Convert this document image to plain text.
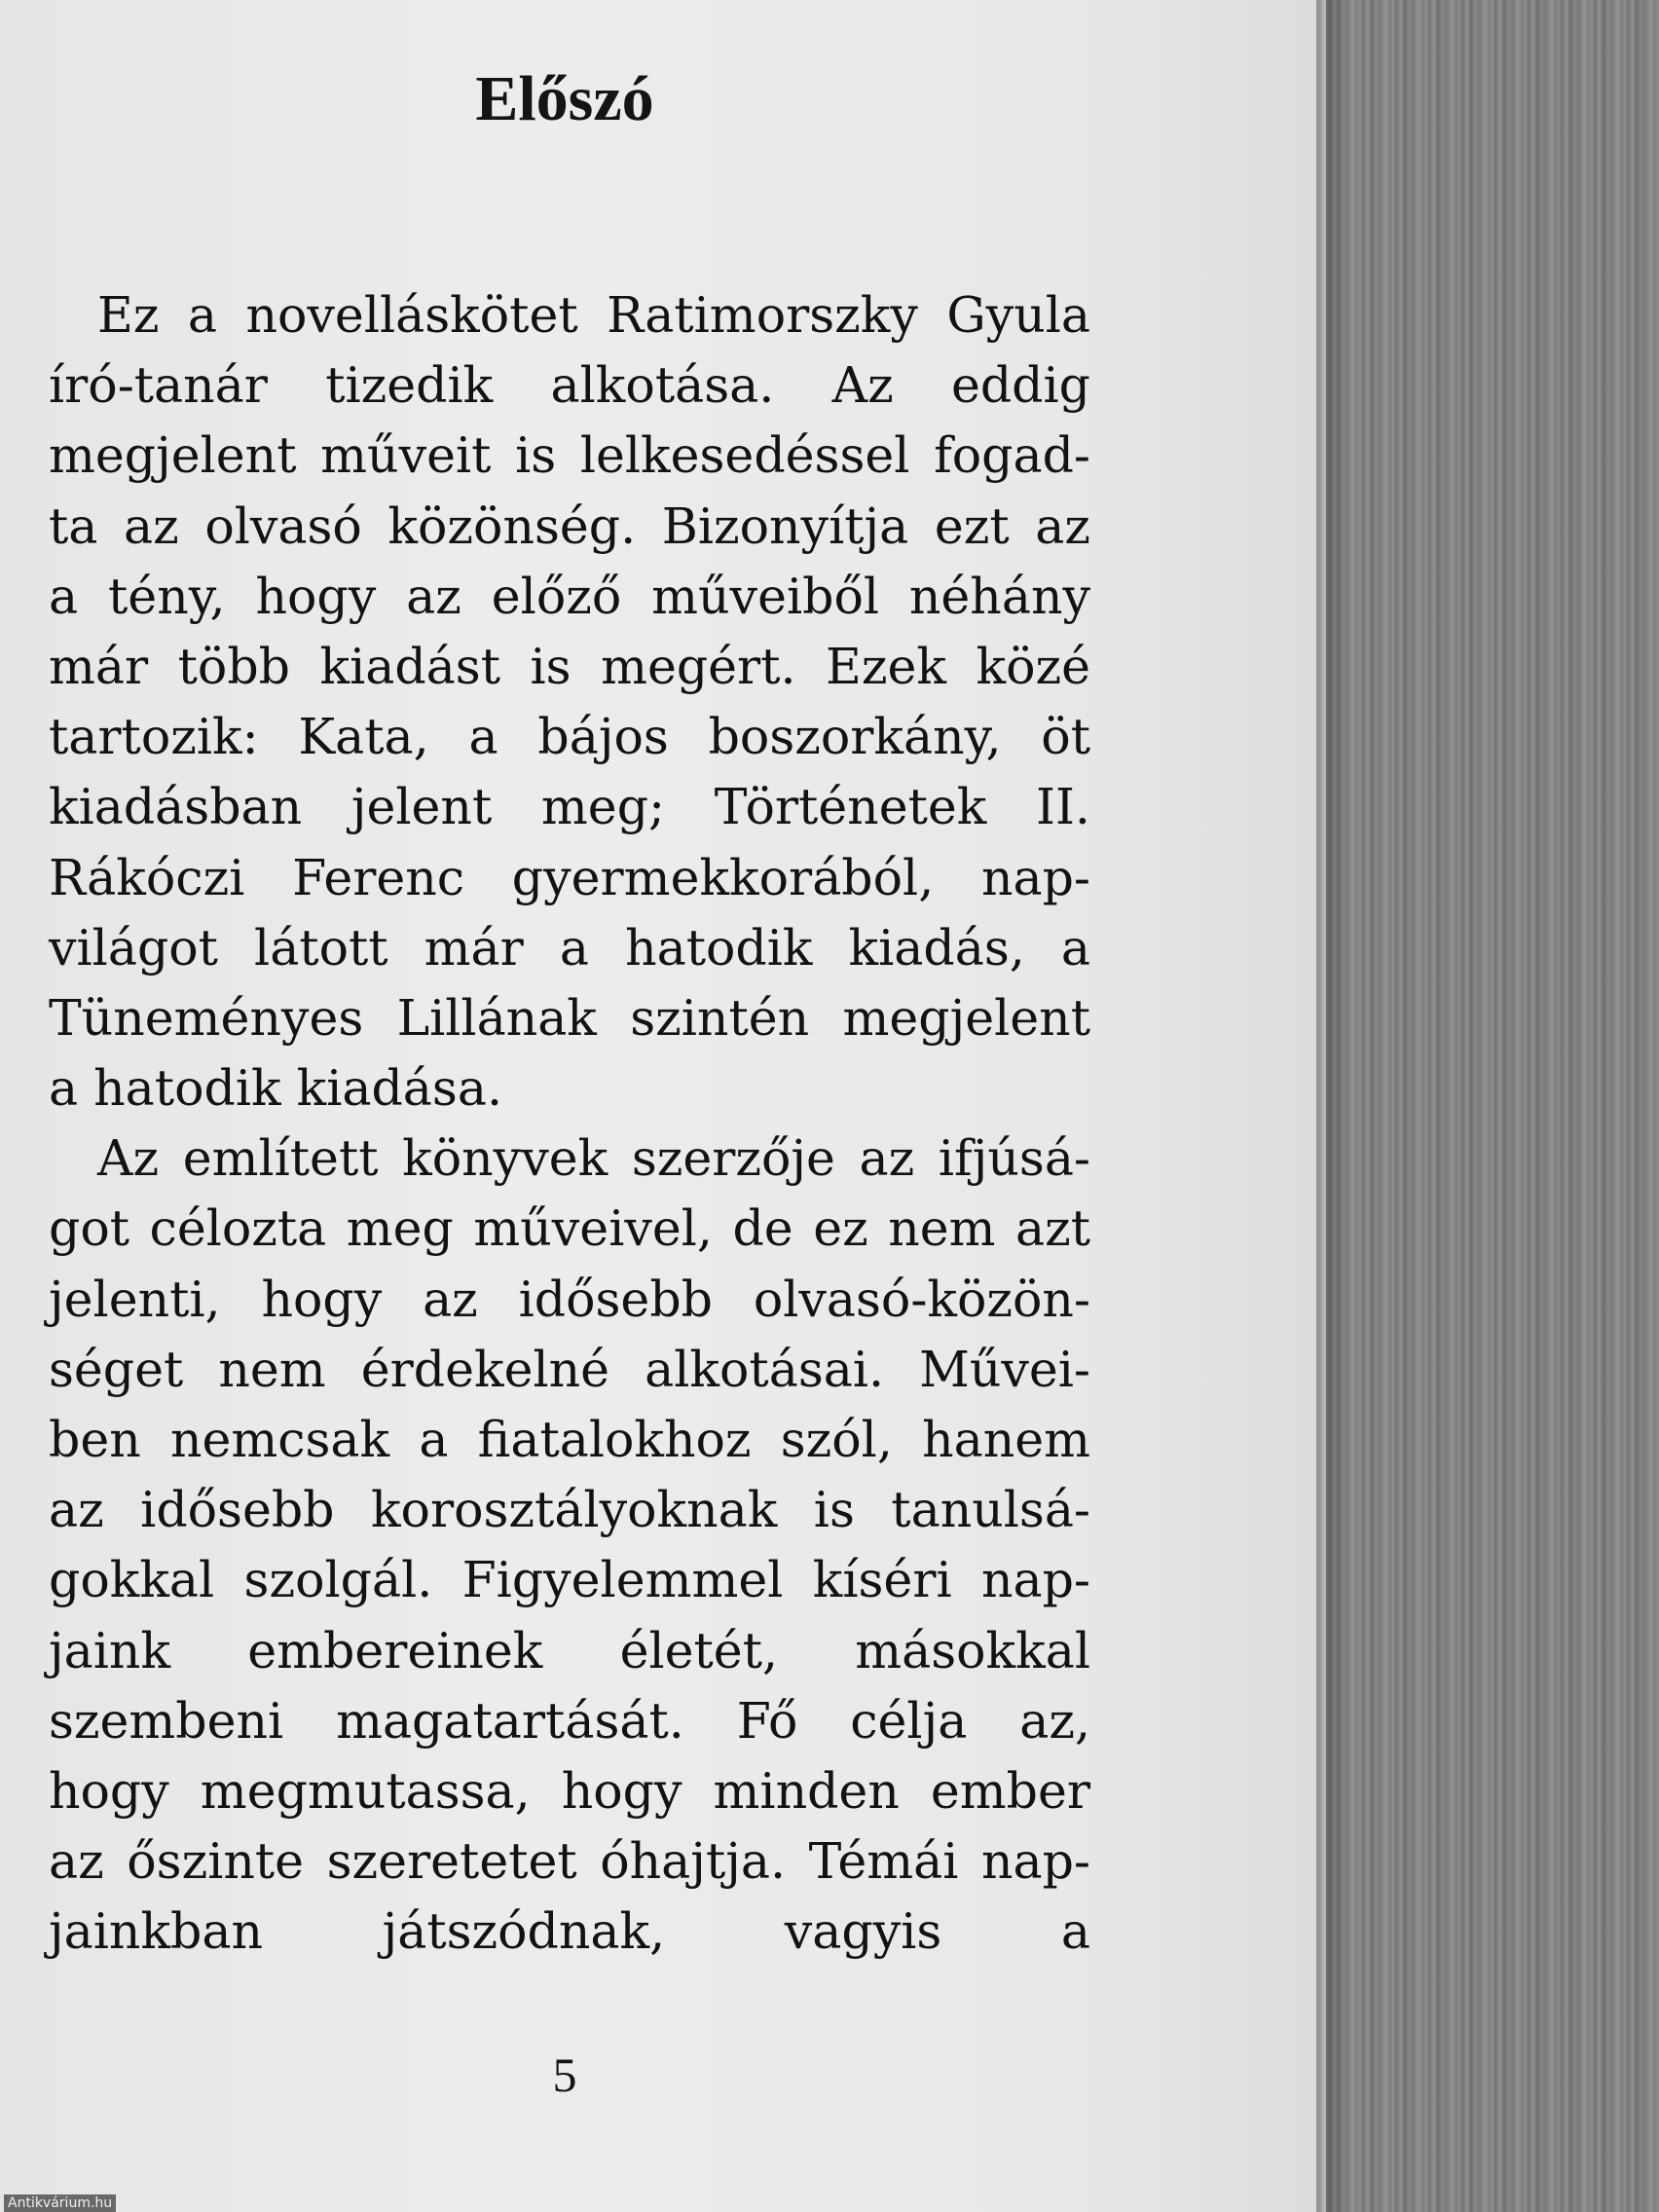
Előszó
Ez a novelláskötet Ratimorszky Gyula
író-tanár tizedik alkotása. Az eddig
megjelent műveit is lelkesedéssel fogad-
ta az olvasó közönség. Bizonyítja ezt az
a tény, hogy az előző műveiből néhány
már több kiadást is megért. Ezek közé
tartozik: Kata, a bájos boszorkány, öt
kiadásban jelent meg; Történetek II.
Rákóczi Ferenc gyermekkorából, nap-
világot látott már a hatodik kiadás, a
Tüneményes Lillának szintén megjelent
a hatodik kiadása.
Az említett könyvek szerzője az ifjúsá-
got célozta meg műveivel, de ez nem azt
jelenti, hogy az idősebb olvasó-közön-
séget nem érdekelné alkotásai. Művei-
ben nemcsak a fiatalokhoz szól, hanem
az idősebb korosztályoknak is tanulsá-
gokkal szolgál. Figyelemmel kíséri nap-
jaink embereinek életét, másokkal
szembeni magatartását. Fő célja az,
hogy megmutassa, hogy minden ember
az őszinte szeretetet óhajtja. Témái nap-
jainkban játszódnak, vagyis a
5
Antikvárium.hu
